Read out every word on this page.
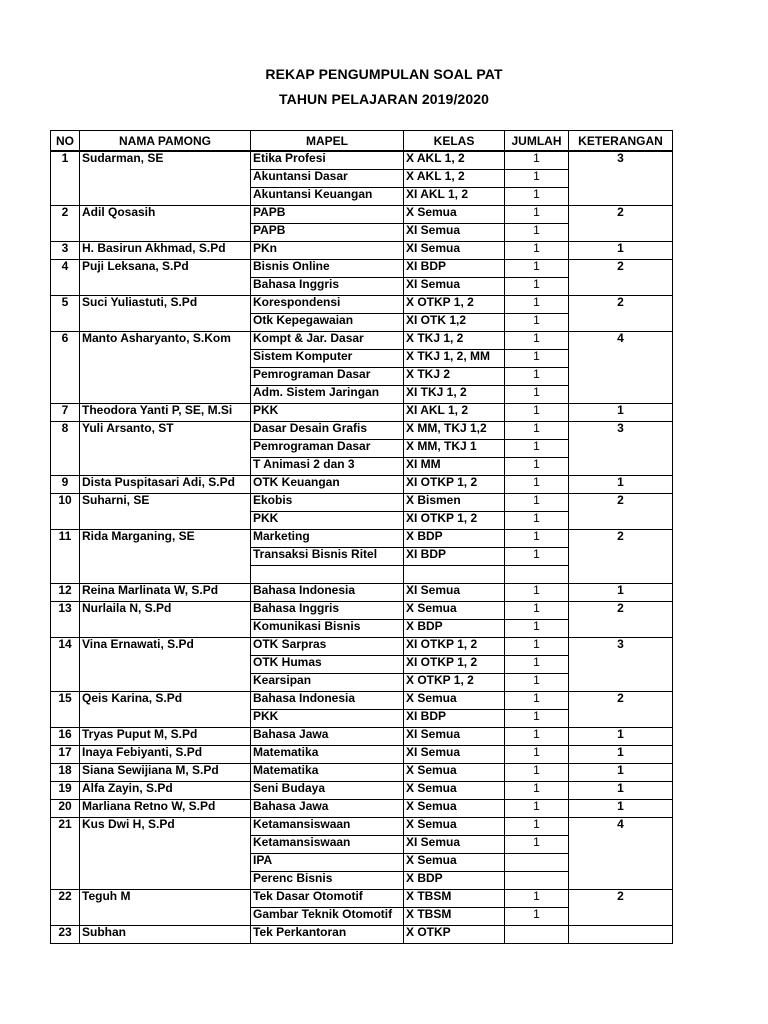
REKAP PENGUMPULAN SOAL PAT
TAHUN PELAJARAN 2019/2020
NO	NAMA PAMONG	MAPEL	KELAS	JUMLAH	KETERANGAN
1	Sudarman, SE	Etika Profesi	X AKL 1, 2	1	3
		Akuntansi Dasar	X AKL 1, 2	1	
		Akuntansi Keuangan	XI AKL 1, 2	1	
2	Adil Qosasih	PAPB	X Semua	1	2
		PAPB	XI Semua	1	
3	H. Basirun Akhmad, S.Pd	PKn	XI Semua	1	1
4	Puji Leksana, S.Pd	Bisnis Online	XI BDP	1	2
		Bahasa Inggris	XI Semua	1	
5	Suci Yuliastuti, S.Pd	Korespondensi	X OTKP 1, 2	1	2
		Otk Kepegawaian	XI OTK 1,2	1	
6	Manto Asharyanto, S.Kom	Kompt & Jar. Dasar	X TKJ 1, 2	1	4
		Sistem Komputer	X TKJ 1, 2, MM	1	
		Pemrograman Dasar	X TKJ 2	1	
		Adm. Sistem Jaringan	XI TKJ 1, 2	1	
7	Theodora Yanti P, SE, M.Si	PKK	XI AKL 1, 2	1	1
8	Yuli Arsanto, ST	Dasar Desain Grafis	X MM, TKJ 1,2	1	3
		Pemrograman Dasar	X MM, TKJ 1	1	
		T Animasi 2 dan 3	XI MM	1	
9	Dista Puspitasari Adi, S.Pd	OTK Keuangan	XI OTKP 1, 2	1	1
10	Suharni, SE	Ekobis	X Bismen	1	2
		PKK	XI OTKP 1, 2	1	
11	Rida Marganing, SE	Marketing	X BDP	1	2
		Transaksi Bisnis Ritel	XI BDP	1	

12	Reina Marlinata W, S.Pd	Bahasa Indonesia	XI Semua	1	1
13	Nurlaila N, S.Pd	Bahasa Inggris	X Semua	1	2
		Komunikasi Bisnis	X BDP	1	
14	Vina Ernawati, S.Pd	OTK Sarpras	XI OTKP 1, 2	1	3
		OTK Humas	XI OTKP 1, 2	1	
		Kearsipan	X OTKP 1, 2	1	
15	Qeis Karina, S.Pd	Bahasa Indonesia	X Semua	1	2
		PKK	XI BDP	1	
16	Tryas Puput M, S.Pd	Bahasa Jawa	XI Semua	1	1
17	Inaya Febiyanti, S.Pd	Matematika	XI Semua	1	1
18	Siana Sewijiana M, S.Pd	Matematika	X Semua	1	1
19	Alfa Zayin, S.Pd	Seni Budaya	X Semua	1	1
20	Marliana Retno W, S.Pd	Bahasa Jawa	X Semua	1	1
21	Kus Dwi H, S.Pd	Ketamansiswaan	X Semua	1	4
		Ketamansiswaan	XI Semua	1	
		IPA	X Semua		
		Perenc Bisnis	X BDP		
22	Teguh M	Tek Dasar Otomotif	X TBSM	1	2
		Gambar Teknik Otomotif	X TBSM	1	
23	Subhan	Tek Perkantoran	X OTKP		
